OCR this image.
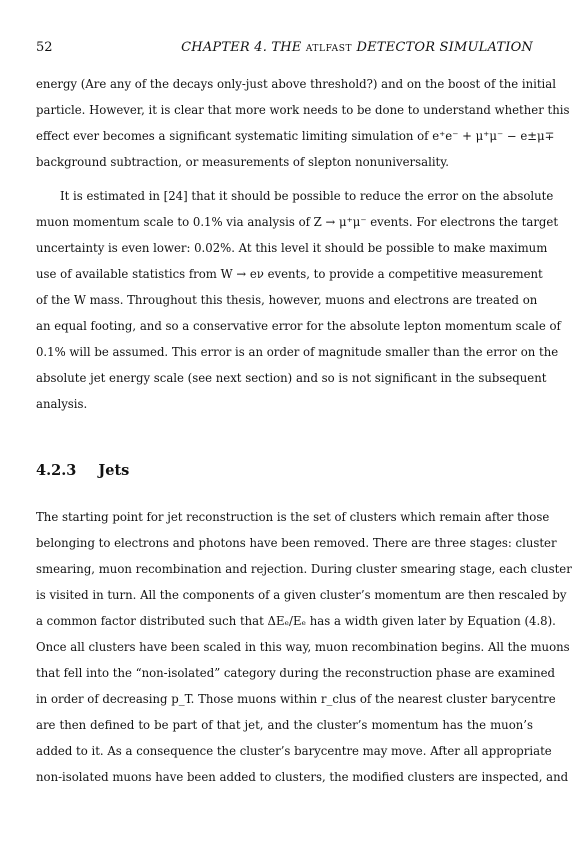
52	CHAPTER 4. THE ATLFAST DETECTOR SIMULATION
energy (Are any of the decays only-just above threshold?) and on the boost of the initial
particle. However, it is clear that more work needs to be done to understand whether this
effect ever becomes a significant systematic limiting simulation of e⁺e⁻ + μ⁺μ⁻ − e±μ∓
background subtraction, or measurements of slepton nonuniversality.
It is estimated in [24] that it should be possible to reduce the error on the absolute
muon momentum scale to 0.1% via analysis of Z → μ⁺μ⁻ events. For electrons the target
uncertainty is even lower: 0.02%. At this level it should be possible to make maximum
use of available statistics from W → eν events, to provide a competitive measurement
of the W mass. Throughout this thesis, however, muons and electrons are treated on
an equal footing, and so a conservative error for the absolute lepton momentum scale of
0.1% will be assumed. This error is an order of magnitude smaller than the error on the
absolute jet energy scale (see next section) and so is not significant in the subsequent
analysis.
4.2.3 Jets
The starting point for jet reconstruction is the set of clusters which remain after those
belonging to electrons and photons have been removed. There are three stages: cluster
smearing, muon recombination and rejection. During cluster smearing stage, each cluster
is visited in turn. All the components of a given cluster’s momentum are then rescaled by
a common factor distributed such that ΔEₑ/Eₑ has a width given later by Equation (4.8).
Once all clusters have been scaled in this way, muon recombination begins. All the muons
that fell into the “non-isolated” category during the reconstruction phase are examined
in order of decreasing p_T. Those muons within r_clus of the nearest cluster barycentre
are then defined to be part of that jet, and the cluster’s momentum has the muon’s
added to it. As a consequence the cluster’s barycentre may move. After all appropriate
non-isolated muons have been added to clusters, the modified clusters are inspected, and
